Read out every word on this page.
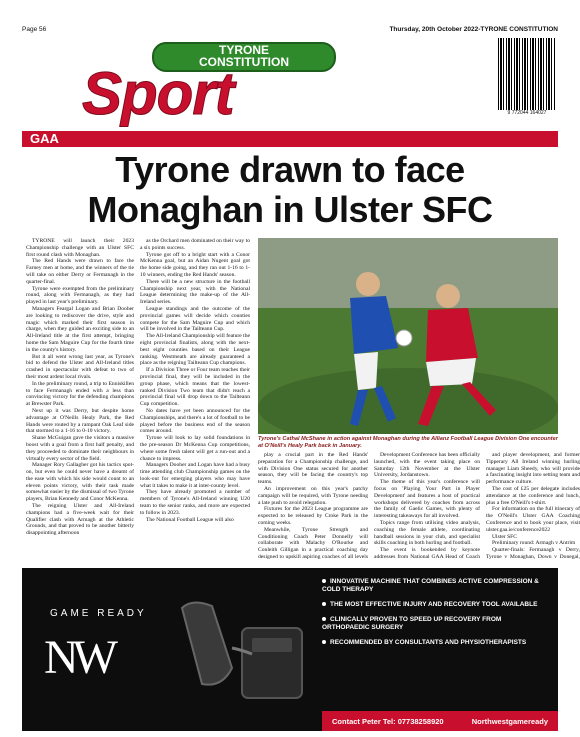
Page 56	Thursday, 20th October 2022-TYRONE CONSTITUTION
TYRONE
CONSTITUTION
Sport	9 772044 164027
GAA
Tyrone drawn to face
Monaghan in Ulster SFC

TYRONE will launch their 2023 Championship challenge with an Ulster SFC first round clash with Monaghan.

The Red Hands were drawn to face the Farney men at home, and the winners of the tie will take on either Derry or Fermanagh in the quarter-final.

Tyrone were exempted from the preliminary round, along with Fermanagh, as they had played in last year's preliminary.

Managers Feargal Logan and Brian Dooher are looking to rediscover the drive, style and magic which marked their first season in charge, when they guided an exciting side to an All-Ireland title at the first attempt, bringing home the Sam Maguire Cup for the fourth time in the county's history.

But it all went wrong last year, as Tyrone's bid to defend the Ulster and All-Ireland titles crashed in spectacular with defeat to two of their most ardent local rivals.

In the preliminary round, a trip to Enniskillen to face Fermanagh ended with a less than convincing victory for the defending champions at Brewster Park.

Next up it was Derry, but despite home advantage at O'Neills Healy Park, the Red Hands were routed by a rampant Oak Leaf side that stormed to a 1-16 to 0-10 victory.

Shane McGuigan gave the visitors a massive boost with a goal from a first half penalty, and they proceeded to dominate their neighbours in virtually every sector of the field.

Manager Rory Gallagher got his tactics spot-on, but even he could never have a dreamt of the ease with which his side would count to an eleven points victory, with their task made somewhat easier by the dismissal of two Tyrone players, Brian Kennedy and Conor McKenna.

The reigning Ulster and All-Ireland champions had a five-week wait for their Qualifier clash with Armagh at the Athletic Grounds, and that proved to be another bitterly disappointing afternoon

as the Orchard men dominated on their way to a six points success.

Tyrone got off to a bright start with a Conor McKenna goal, but an Aidan Nugent goal got the home side going, and they ran out 1-16 to 1-10 winners, ending the Red Hands' season.

There will be a new structure in the football Championship next year, with the National League determining the make-up of the All-Ireland series.

League standings and the outcome of the provincial games will decide which counties compete for the Sam Maguire Cup and which will be involved in the Tailteann Cup.

The All-Ireland Championship will feature the eight provincial finalists, along with the next-best eight counties based on their League ranking. Westmeath are already guaranteed a place as the reigning Tailteann Cup champions.

If a Division Three or Four team reaches their provincial final, they will be included in the group phase, which means that the lowest-ranked Division Two team that didn't reach a provincial final will drop down to the Tailteann Cup competition.

No dates have yet been announced for the Championships, and there's a lot of football to be played before the business end of the season comes around.

Tyrone will look to lay solid foundations in the pre-season Dr McKenna Cup competitions, where some fresh talent will get a run-out and a chance to impress.

Managers Dooher and Logan have had a busy time attending club Championship games on the look-out for emerging players who may have what it takes to make it at inter-county level.

They have already promoted a number of members of Tyrone's All-Ireland winning U20 team to the senior ranks, and more are expected to follow in 2023.

The National Football League will also

Tyrone's Cathal McShane in action against Monaghan during the Allianz Football League Division One encounter at O'Neill's Healy Park back in January.

play a crucial part in the Red Hands' preparation for a Championship challenge, and with Division One status secured for another season, they will be facing the country's top teams.

An improvement on this year's patchy campaign will be required, with Tyrone needing a late push to avoid relegation.

Fixtures for the 2023 League programme are expected to be released by Croke Park in the coming weeks.

Meanwhile, Tyrone Strength and Conditioning Coach Peter Donnelly will collaborate with Malachy O'Rourke and Conleith Gilligan in a practical coaching day designed to upskill aspiring coaches of all levels

Development Conference has been officially launched, with the event taking place on Saturday 12th November at the Ulster University, Jordanstown.

The theme of this year's conference will focus on 'Playing Your Part in Player Development' and features a host of practical workshops delivered by coaches from across the family of Gaelic Games, with plenty of interesting takeaways for all involved.

Topics range from utilising video analysis, coaching the female athlete, coordinating handball sessions in your club, and specialist skills coaching in both hurling and football.

The event is bookended by keynote addresses from National GAA Head of Coach

and player development, and former Tipperary All Ireland winning hurling manager Liam Sheedy, who will provide a fascinating insight into setting team and performance culture.

The cost of £25 per delegate includes attendance at the conference and lunch, plus a free O'Neill's t-shirt.

For information on the full itinerary of the O'Neill's Ulster GAA Coaching Conference and to book your place, visit ulster.gaa.ie/conference2022

Ulster SFC

Preliminary round: Armagh v Antrim

Quarter-finals: Fermanagh v Derry, Tyrone v Monaghan, Down v Donegal,

GAME READY
NW
INNOVATIVE MACHINE THAT COMBINES ACTIVE COMPRESSION & COLD THERAPY
THE MOST EFFECTIVE INJURY AND RECOVERY TOOL AVAILABLE
CLINICALLY PROVEN TO SPEED UP RECOVERY FROM ORTHOPAEDIC SURGERY
RECOMMENDED BY CONSULTANTS AND PHYSIOTHERAPISTS
Contact Peter Tel: 07738258920	Northwestgameready
